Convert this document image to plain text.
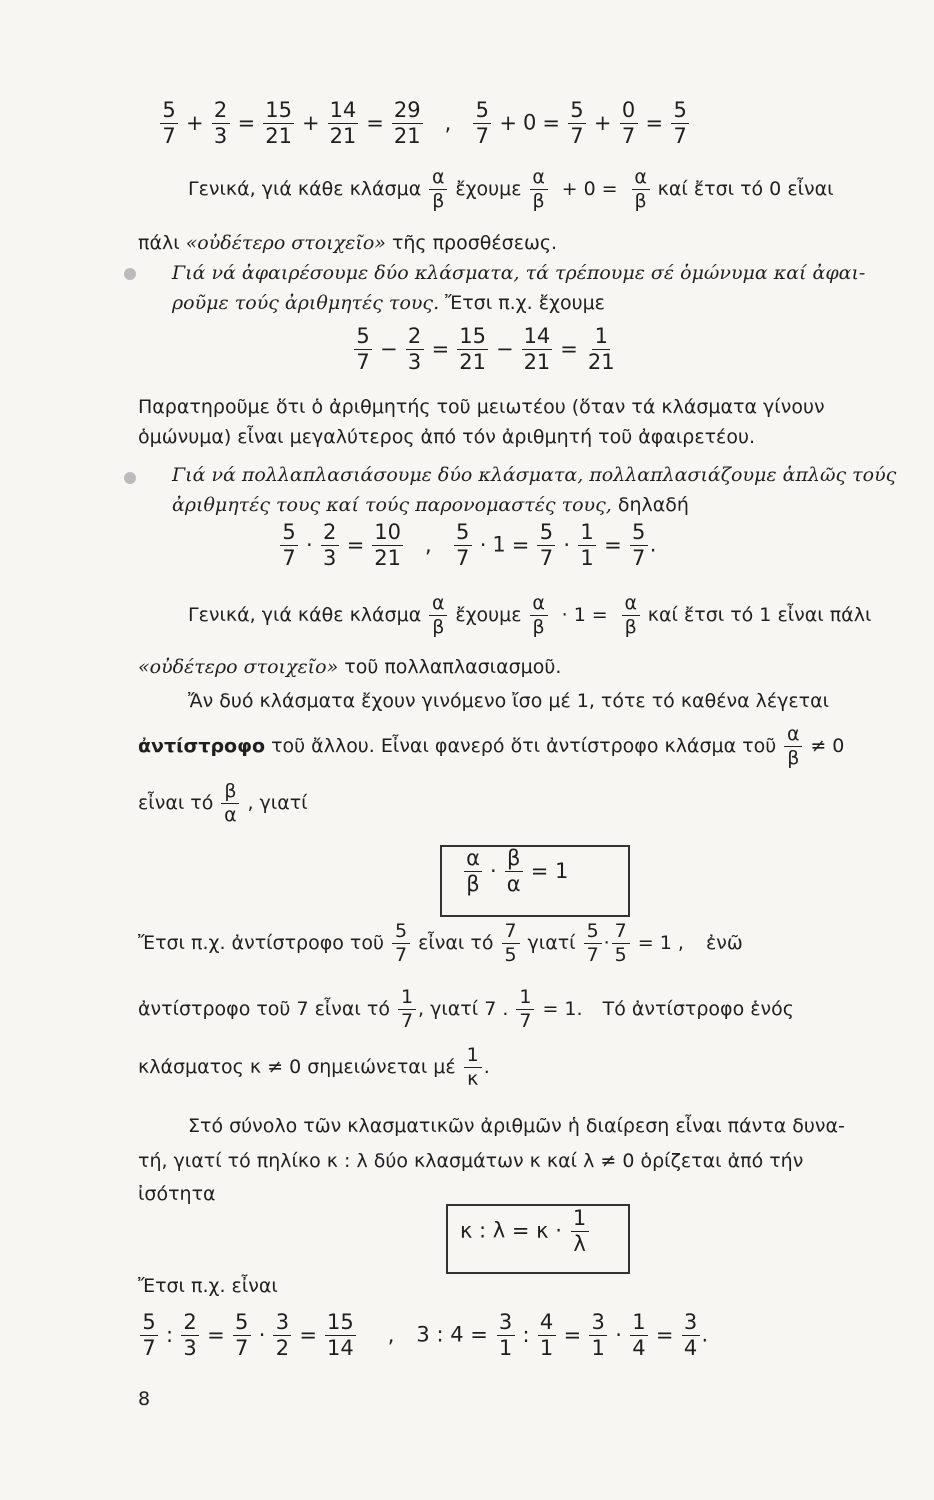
$\frac{5}{7} + \frac{2}{3} = \frac{15}{21} + \frac{14}{21} = \frac{29}{21}$ , $\frac{5}{7} + 0 = \frac{5}{7} + \frac{0}{7} = \frac{5}{7}$
Γενικά, γιά κάθε κλάσμα $\frac{\alpha}{\beta}$ ἔχουμε $\frac{\alpha}{\beta} + 0 = \frac{\alpha}{\beta}$ καί ἔτσι τό 0 εἶναι
πάλι «οὐδέτερο στοιχεῖο» τῆς προσθέσεως.
Γιά νά ἀφαιρέσουμε δύο κλάσματα, τά τρέπουμε σέ ὁμώνυμα καί ἀφαι-
ροῦμε τούς ἀριθμητές τους. Ἔτσι π.χ. ἔχουμε
$\frac{5}{7} - \frac{2}{3} = \frac{15}{21} - \frac{14}{21} = \frac{1}{21}$
Παρατηροῦμε ὅτι ὁ ἀριθμητής τοῦ μειωτέου (ὅταν τά κλάσματα γίνουν
ὁμώνυμα) εἶναι μεγαλύτερος ἀπό τόν ἀριθμητή τοῦ ἀφαιρετέου.
Γιά νά πολλαπλασιάσουμε δύο κλάσματα, πολλαπλασιάζουμε ἁπλῶς τούς
ἀριθμητές τους καί τούς παρονομαστές τους, δηλαδή
$\frac{5}{7} \cdot \frac{2}{3} = \frac{10}{21}$ , $\frac{5}{7} \cdot 1 = \frac{5}{7} \cdot \frac{1}{1} = \frac{5}{7}$ .
Γενικά, γιά κάθε κλάσμα $\frac{\alpha}{\beta}$ ἔχουμε $\frac{\alpha}{\beta} \cdot 1 = \frac{\alpha}{\beta}$ καί ἔτσι τό 1 εἶναι πάλι
«οὐδέτερο στοιχεῖο» τοῦ πολλαπλασιασμοῦ.
Ἄν δυό κλάσματα ἔχουν γινόμενο ἴσο μέ 1, τότε τό καθένα λέγεται
ἀντίστροφο τοῦ ἄλλου. Εἶναι φανερό ὅτι ἀντίστροφο κλάσμα τοῦ $\frac{\alpha}{\beta} \ne 0$
εἶναι τό $\frac{\beta}{\alpha}$ , γιατί
$\frac{\alpha}{\beta} \cdot \frac{\beta}{\alpha} = 1$
Ἔτσι π.χ. ἀντίστροφο τοῦ $\frac{5}{7}$ εἶναι τό $\frac{7}{5}$ γιατί $\frac{5}{7} \cdot \frac{7}{5} = 1$ , ἐνῶ
ἀντίστροφο τοῦ 7 εἶναι τό $\frac{1}{7}$ , γιατί 7 . $\frac{1}{7} = 1$. Τό ἀντίστροφο ἑνός
κλάσματος κ ≠ 0 σημειώνεται μέ $\frac{1}{\kappa}$ .
Στό σύνολο τῶν κλασματικῶν ἀριθμῶν ἡ διαίρεση εἶναι πάντα δυνα-
τή, γιατί τό πηλίκο κ : λ δύο κλασμάτων κ καί λ ≠ 0 ὁρίζεται ἀπό τήν
ἰσότητα
κ : $\lambda = \kappa \cdot \frac{1}{\lambda}$
Ἔτσι π.χ. εἶναι
$\frac{5}{7}$ : $\frac{2}{3} = \frac{5}{7} \cdot \frac{3}{2} = \frac{15}{14}$ , 3 : $4 = \frac{3}{1}$ : $\frac{4}{1} = \frac{3}{1} \cdot \frac{1}{4} = \frac{3}{4}$ .
8
